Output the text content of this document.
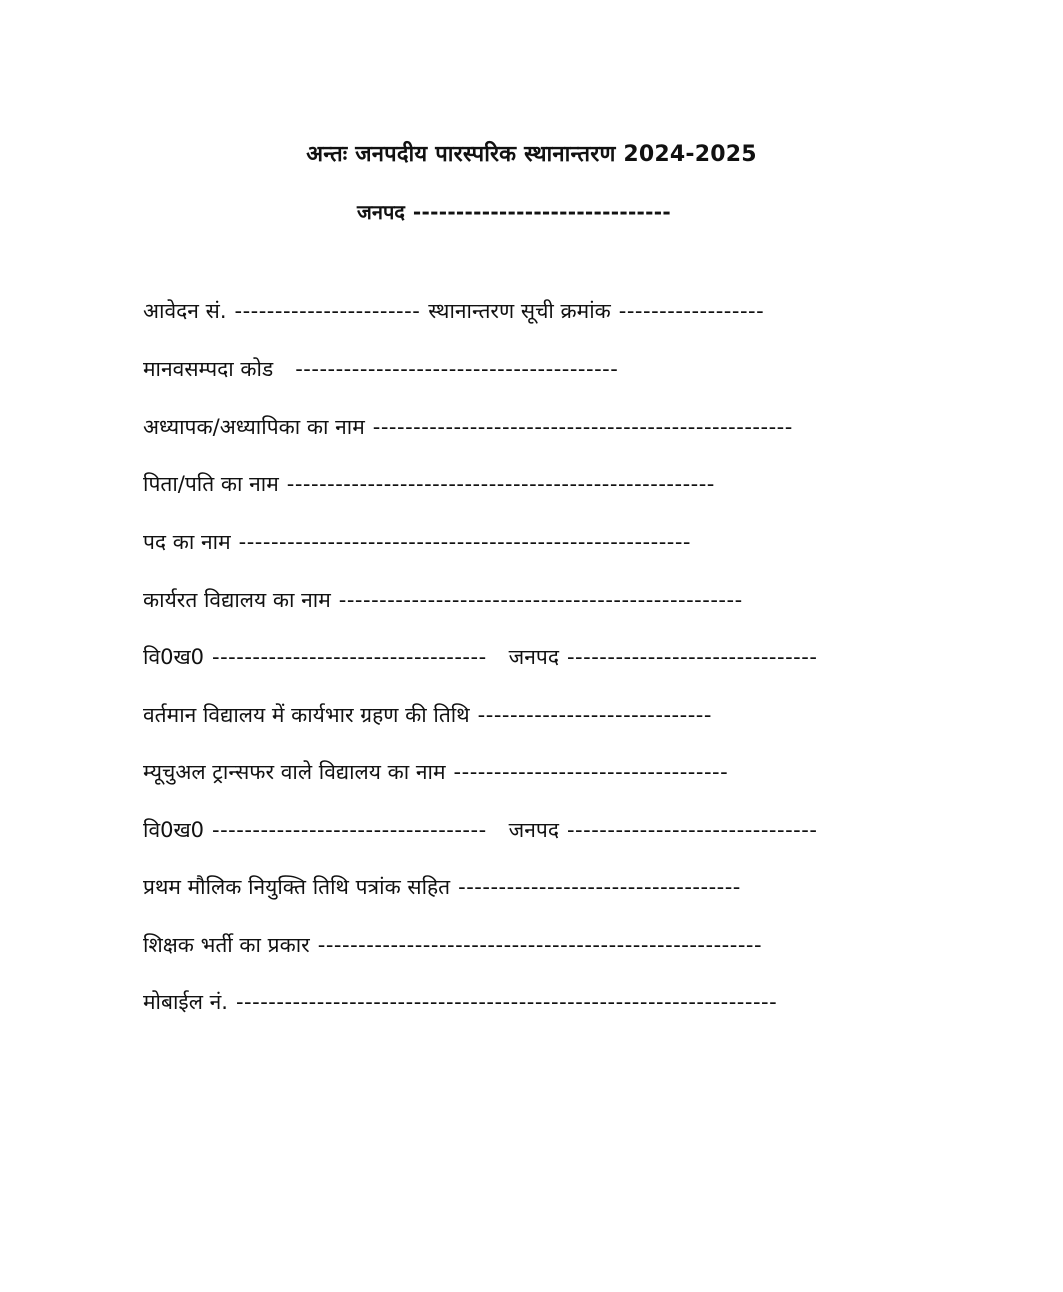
अन्तः जनपदीय पारस्परिक स्थानान्तरण 2024-2025
जनपद ------------------------------
आवेदन सं. ----------------------- स्थानान्तरण सूची क्रमांक ------------------
मानवसम्पदा कोड ----------------------------------------
अध्यापक/अध्यापिका का नाम ----------------------------------------------------
पिता/पति का नाम -----------------------------------------------------
पद का नाम --------------------------------------------------------
कार्यरत विद्यालय का नाम --------------------------------------------------
वि0ख0 ---------------------------------- जनपद -------------------------------
वर्तमान विद्यालय में कार्यभार ग्रहण की तिथि -----------------------------
म्यूचुअल ट्रान्सफर वाले विद्यालय का नाम ----------------------------------
वि0ख0 ---------------------------------- जनपद -------------------------------
प्रथम मौलिक नियुक्ति तिथि पत्रांक सहित -----------------------------------
शिक्षक भर्ती का प्रकार -------------------------------------------------------
मोबाईल नं. -------------------------------------------------------------------
